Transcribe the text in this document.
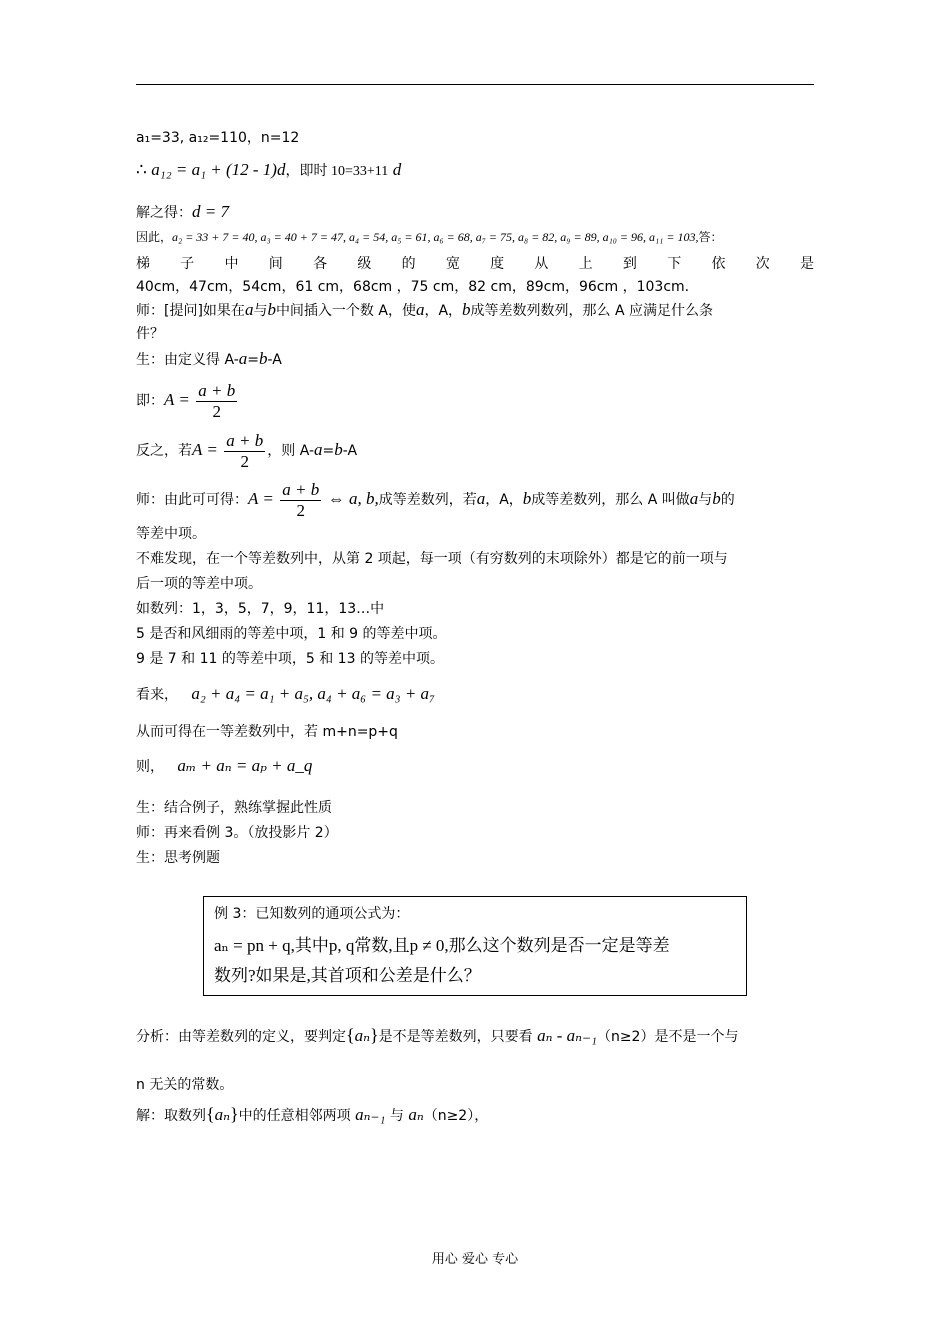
a₁=33, a₁₂=110，n=12
∴ a₁₂ = a₁ + (12 - 1)d，即时 10=33+11 d
解之得：d = 7
因此，a₂ = 33 + 7 = 40, a₃ = 40 + 7 = 47, a₄ = 54, a₅ = 61, a₆ = 68, a₇ = 75, a₈ = 82, a₉ = 89, a₁₀ = 96, a₁₁ = 103,答：
梯 子 中 间 各 级 的 宽 度 从 上 到 下 依 次 是
40cm，47cm，54cm，61 cm，68cm ，75 cm，82 cm，89cm，96cm ，103cm.
师：[提问]如果在a与b中间插入一个数 A，使a，A，b成等差数列数列，那么 A 应满足什么条
件？
生：由定义得 A-a=b-A
即：$A = \frac{a + b}{2}$
反之，若$A = \frac{a + b}{2}$ ，则 A-a=b-A
师：由此可可得：$A = \frac{a + b}{2}$ ⇔ a, b,成等差数列，若a，A，b成等差数列，那么 A 叫做a与b的
等差中项。
不难发现，在一个等差数列中，从第 2 项起，每一项（有穷数列的末项除外）都是它的前一项与
后一项的等差中项。
如数列：1，3，5，7，9，11，13…中
5 是否和风细雨的等差中项，1 和 9 的等差中项。
9 是 7 和 11 的等差中项，5 和 13 的等差中项。
看来， a₂ + a₄ = a₁ + a₅, a₄ + a₆ = a₃ + a₇
从而可得在一等差数列中，若 m+n=p+q
则， aₘ + aₙ = aₚ + a_q
生：结合例子，熟练掌握此性质
师：再来看例 3。（放投影片 2）
生：思考例题
例 3：已知数列的通项公式为：
aₙ = pn + q,其中p, q常数,且p ≠ 0,那么这个数列是否一定是等差
数列?如果是,其首项和公差是什么？
分析：由等差数列的定义，要判定{aₙ}是不是等差数列，只要看 aₙ - aₙ₋₁（n≥2）是不是一个与
n 无关的常数。
解：取数列{aₙ}中的任意相邻两项 aₙ₋₁ 与 aₙ（n≥2），
用心 爱心 专心
